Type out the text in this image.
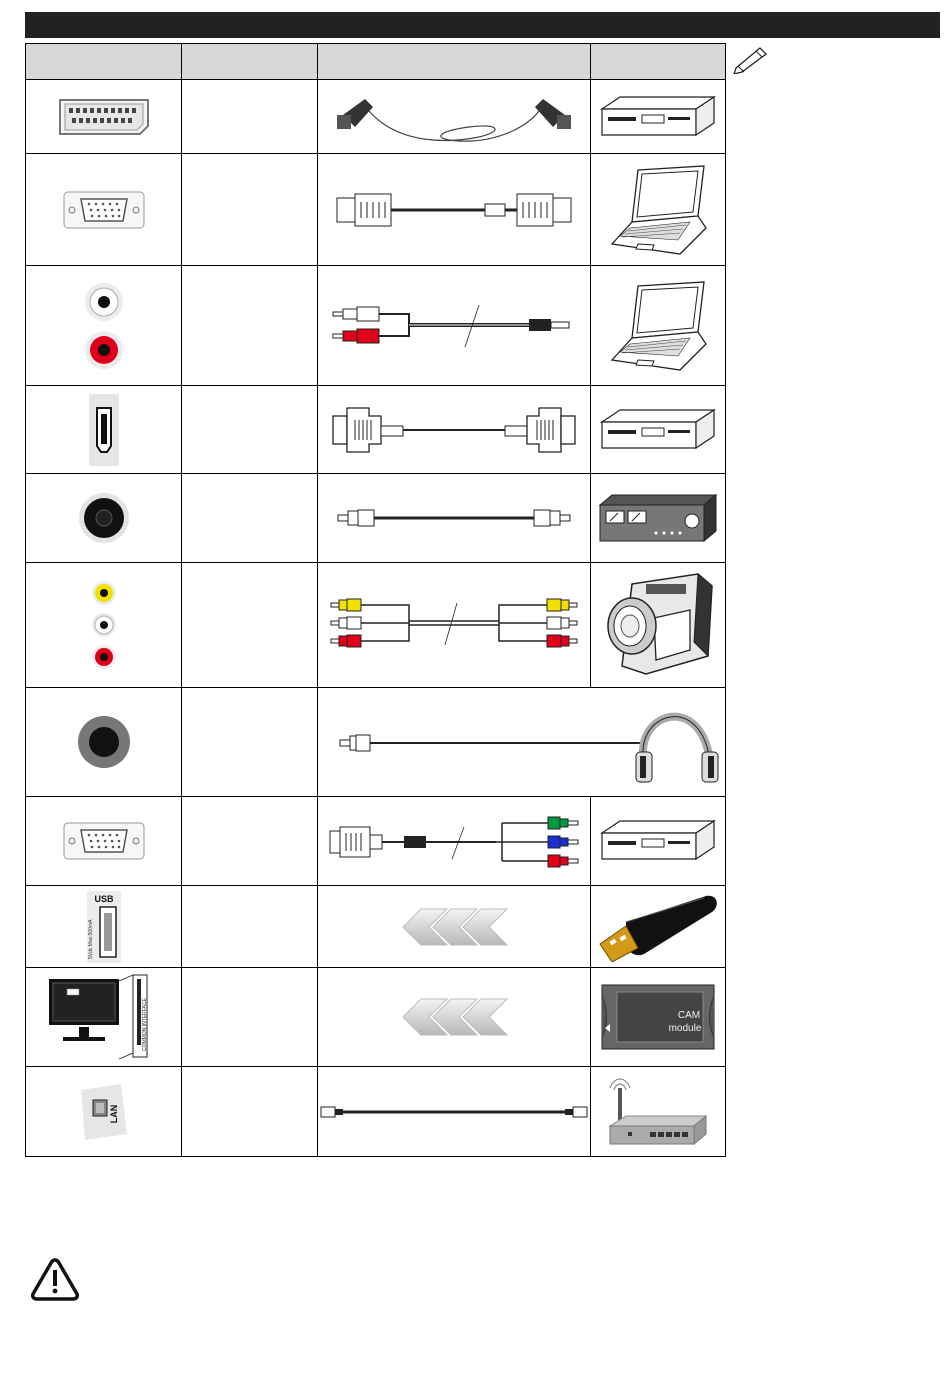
USB
5Vdc Max:500mA
COMMON INTERFACE	CAM
module
LAN
